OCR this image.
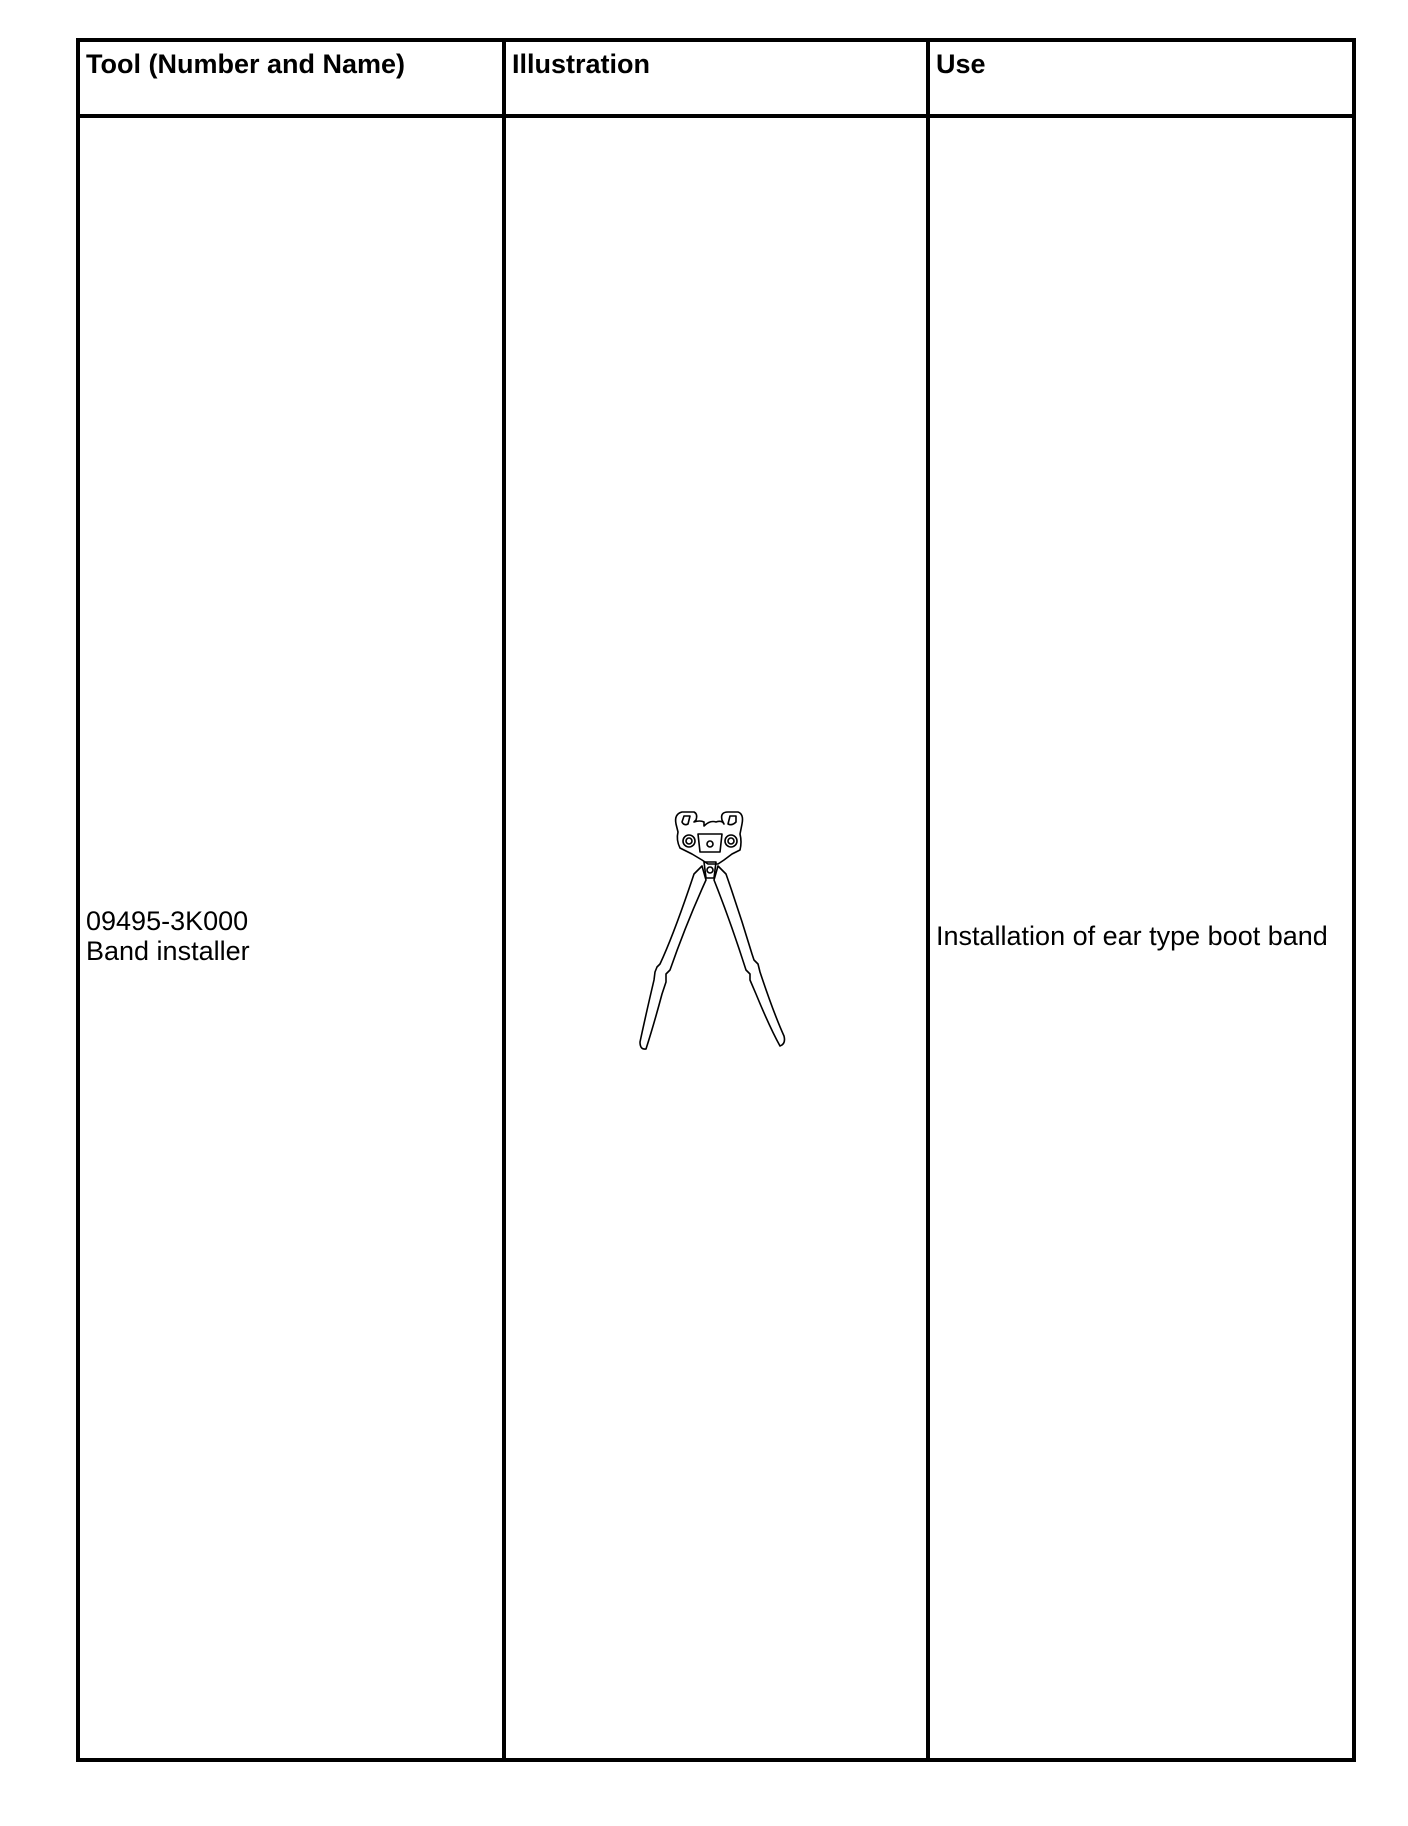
Tool (Number and Name)	Illustration	Use
09495-3K000
Band installer
Installation of ear type boot band
